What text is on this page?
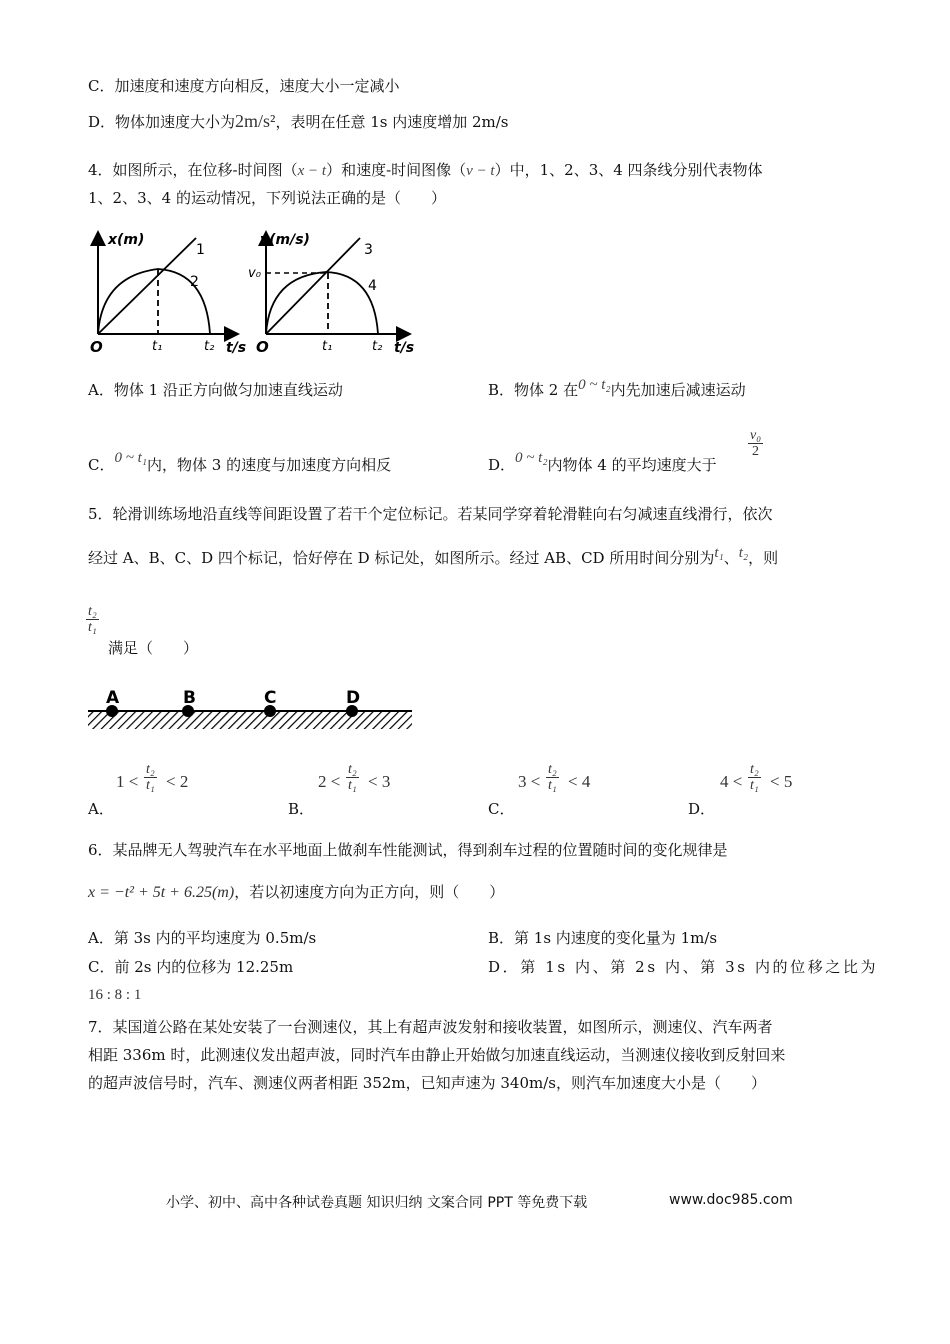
C．加速度和速度方向相反，速度大小一定减小
D．物体加速度大小为2m/s²，表明在任意 1s 内速度增加 2m/s
4．如图所示，在位移-时间图（x − t）和速度-时间图像（v − t）中，1、2、3、4 四条线分别代表物体
1、2、3、4 的运动情况，下列说法正确的是（　　）
x(m)
1
2
O	t₁	t₂ t/s
v(m/s)
v₀
3
4
O	t₁	t₂ t/s
A．物体 1 沿正方向做匀加速直线运动	B．物体 2 在0 ~ t₂内先加速后减速运动
C．0 ~ t₁内，物体 3 的速度与加速度方向相反	D．0 ~ t₂内物体 4 的平均速度大于
$\frac{\text{v₀}}{2}$
5．轮滑训练场地沿直线等间距设置了若干个定位标记。若某同学穿着轮滑鞋向右匀减速直线滑行，依次
经过 A、B、C、D 四个标记，恰好停在 D 标记处，如图所示。经过 AB、CD 所用时间分别为t₁、t₂，则
$\frac{\text{t₂}}{\text{t₁}}$
满足（　　）
A	B	C	D
A．
$1 < \frac{\text{t₂}}{\text{t₁}} < 2$
B．
$2 < \frac{\text{t₂}}{\text{t₁}} < 3$
C．
$3 < \frac{\text{t₂}}{\text{t₁}} < 4$
D．
$4 < \frac{\text{t₂}}{\text{t₁}} < 5$
6．某品牌无人驾驶汽车在水平地面上做刹车性能测试，得到刹车过程的位置随时间的变化规律是
x = −t² + 5t + 6.25(m)，若以初速度方向为正方向，则（　　）
A．第 3s 内的平均速度为 0.5m/s	B．第 1s 内速度的变化量为 1m/s
C．前 2s 内的位移为 12.25m	D．第 1s 内、第 2s 内、第 3s 内的位移之比为
16 : 8 : 1
7．某国道公路在某处安装了一台测速仪，其上有超声波发射和接收装置，如图所示，测速仪、汽车两者
相距 336m 时，此测速仪发出超声波，同时汽车由静止开始做匀加速直线运动，当测速仪接收到反射回来
的超声波信号时，汽车、测速仪两者相距 352m，已知声速为 340m/s，则汽车加速度大小是（　　）
小学、初中、高中各种试卷真题 知识归纳 文案合同 PPT 等免费下载	www.doc985.com
